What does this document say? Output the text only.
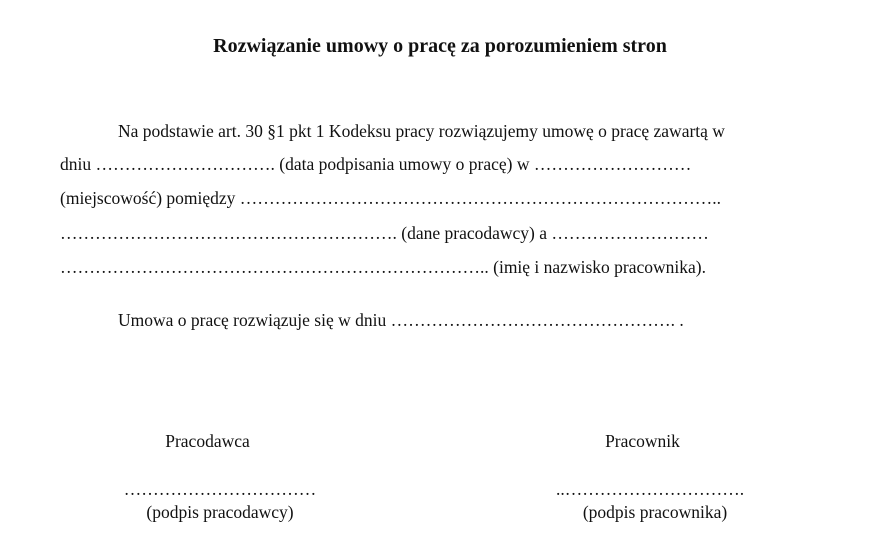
Rozwiązanie umowy o pracę za porozumieniem stron
Na podstawie art. 30 §1 pkt 1 Kodeksu pracy rozwiązujemy umowę o pracę zawartą w
dniu …………………………. (data podpisania umowy o pracę) w ………………………
(miejscowość) pomiędzy ………………………………………………………………………..
…………………………………………………. (dane pracodawcy) a ………………………
……………………………………………………………….. (imię i nazwisko pracownika).
Umowa o pracę rozwiązuje się w dniu …………………………………………. .
Pracodawca
……………………………
(podpis pracodawcy)
Pracownik
..………………………….
(podpis pracownika)
